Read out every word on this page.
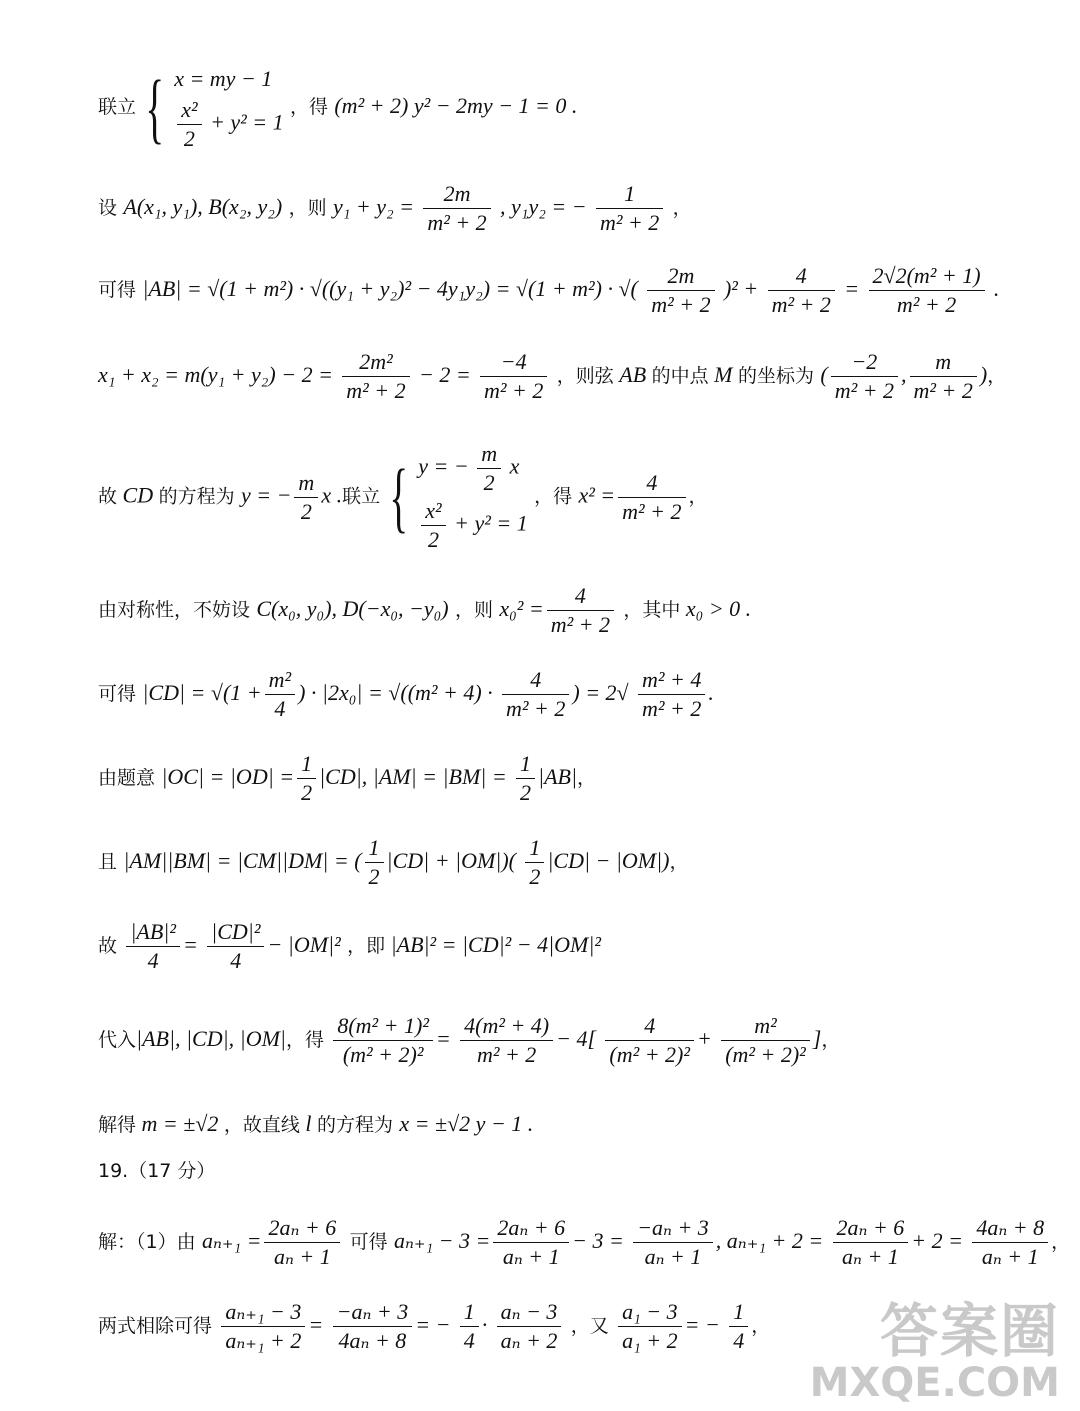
联立 { x = my − 1
$\frac{\text{x²}}{2} + y^2 = 1$
，得 (m² + 2) y² − 2my − 1 = 0 .
设 A(x₁, y₁), B(x₂, y₂) ，则 $y_1 + y_2 = \frac{2m}{\text{m² + 2}}$ , y₁y₂ = − $\frac{1}{\text{m² + 2}}$ ，
可得 |AB| = √(1 + m²) · √((y₁ + y₂)² − 4y₁y₂) = √(1 + m²) · √( $\frac{2m}{\text{m² + 2}} )^2 + \frac{4}{\text{m² + 2}} = \frac{\text{2√2(m² + 1)}}{\text{m² + 2}}$ .
$x_1 + x_2 = m(y_1 + y_2) - 2 = \frac{\text{2m²}}{\text{m² + 2}} - 2 = \frac{-4}{\text{m² + 2}}$ ，则弦 AB 的中点 M 的坐标为 ( $\frac{-2}{\text{m² + 2}}$ , $\frac{m}{\text{m² + 2}}$ )，
故 CD 的方程为 y = − $\frac{m}{2}$ x .联立 { y = − $\frac{m}{2}$ x
$\frac{\text{x²}}{2} + y^2 = 1$
，得 $x^2 = \frac{4}{\text{m² + 2}}$ ，
由对称性，不妨设 C(x₀, y₀), D(−x₀, −y₀) ，则 $x_0^2 = \frac{4}{\text{m² + 2}}$ ，其中 x₀ > 0 .
可得 $|CD| = √(1 + \frac{\text{m²}}{4}$ ) · $|2x_0| = √((m^2 + 4) \cdot \frac{4}{\text{m² + 2}}$ ) = $2√ \frac{\text{m² + 4}}{\text{m² + 2}}$ .
由题意 $|OC| = |OD| = \frac{1}{2} |CD|$, $|AM| = |BM| = \frac{1}{2} |AB|$，
且 |AM||BM| = |CM||DM| = ( $\frac{1}{2} |CD| + |OM|)( \frac{1}{2} |CD| - |OM|)$，
故 $\frac{\text{|AB|²}}{4} = \frac{\text{|CD|²}}{4} - |OM|^2$ ，即 |AB|² = |CD|² − 4|OM|²
代入|AB|, |CD|, |OM|，得 $\frac{\text{8(m² + 1)²}}{\text{(m² + 2)²}} = \frac{\text{4(m² + 4)}}{\text{m² + 2}} - 4[ \frac{4}{\text{(m² + 2)²}} + \frac{\text{m²}}{\text{(m² + 2)²}}$ ]，
解得 m = ±√2 ，故直线 l 的方程为 x = ±√2 y − 1 .
19.（17 分）
解：（1）由 $a_{n+1} = \frac{\text{2aₙ + 6}}{\text{aₙ + 1}}$ 可得 $a_{n+1} - 3 = \frac{\text{2aₙ + 6}}{\text{aₙ + 1}} - 3 = \frac{\text{−aₙ + 3}}{\text{aₙ + 1}}$ , $a_{n+1} + 2 = \frac{\text{2aₙ + 6}}{\text{aₙ + 1}} + 2 = \frac{\text{4aₙ + 8}}{\text{aₙ + 1}}$ ，
两式相除可得 $\frac{\text{aₙ₊₁ − 3}}{\text{aₙ₊₁ + 2}} = \frac{\text{−aₙ + 3}}{\text{4aₙ + 8}}$ = − $\frac{1}{4} \cdot \frac{\text{aₙ − 3}}{\text{aₙ + 2}}$ ，又 $\frac{\text{a₁ − 3}}{\text{a₁ + 2}}$ = − $\frac{1}{4}$ ，	答案圈
MXQE.COM
